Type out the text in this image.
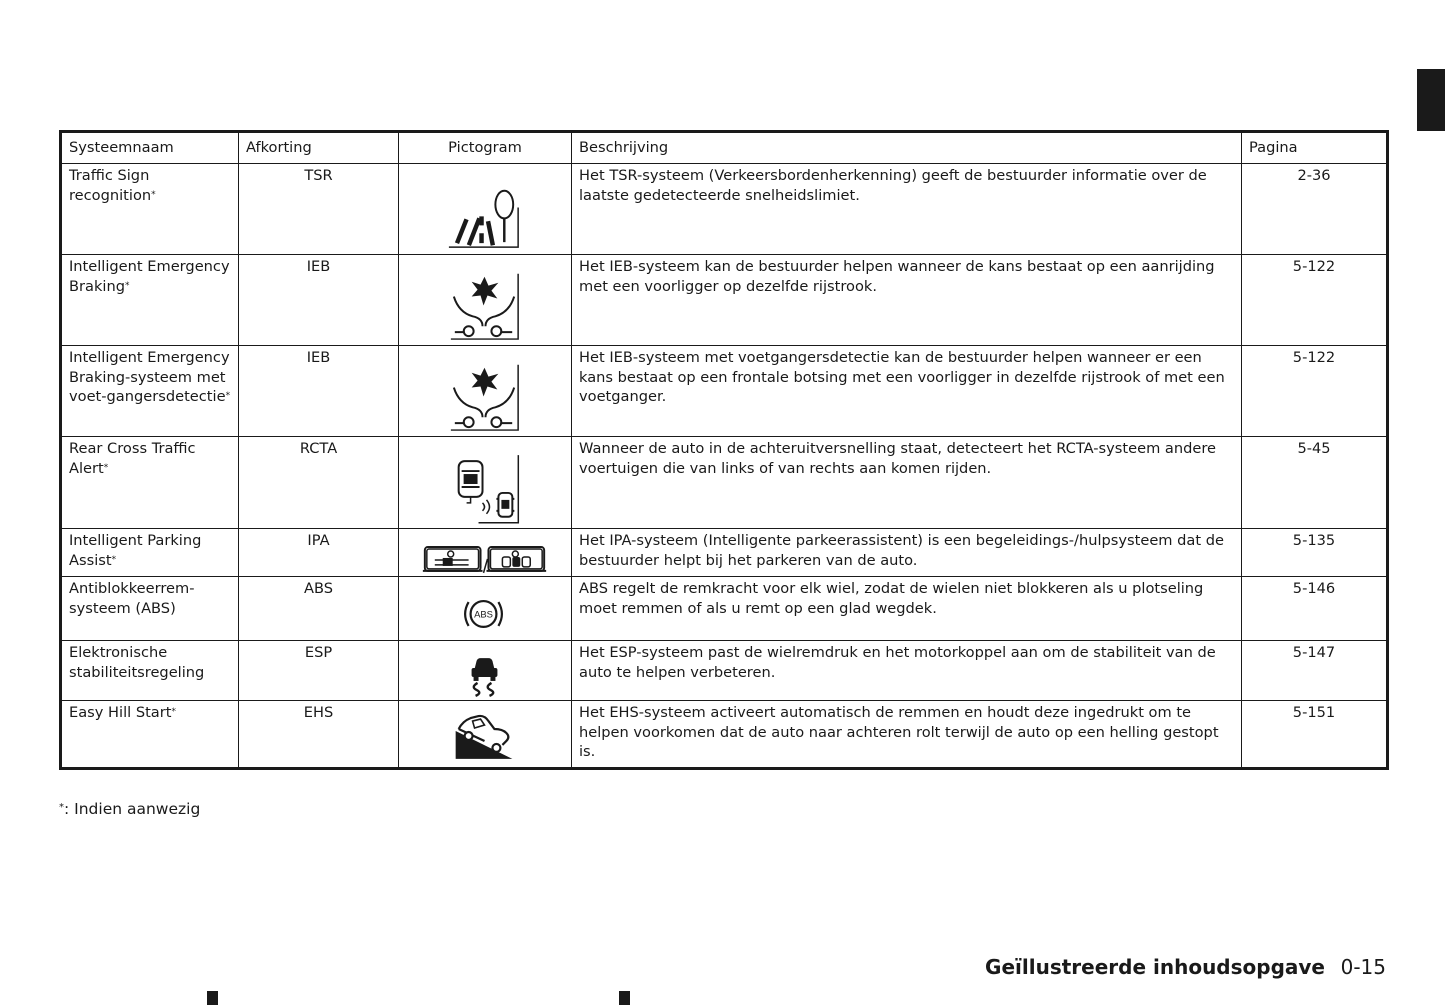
Systeemnaam	Afkorting	Pictogram	Beschrijving	Pagina
Traffic Sign recognition*	TSR		Het TSR-systeem (Verkeersbordenherkenning) geeft de bestuurder informatie over de laatste gedetecteerde snelheidslimiet.	2-36
Intelligent Emergency Braking*	IEB		Het IEB-systeem kan de bestuurder helpen wanneer de kans bestaat op een aanrijding met een voorligger op dezelfde rijstrook.	5-122
Intelligent Emergency Braking-systeem met voet-gangersdetectie*	IEB		Het IEB-systeem met voetgangersdetectie kan de bestuurder helpen wanneer er een kans bestaat op een frontale botsing met een voorligger in dezelfde rijstrook of met een voetganger.	5-122
Rear Cross Traffic Alert*	RCTA		Wanneer de auto in de achteruitversnelling staat, detecteert het RCTA-systeem andere voertuigen die van links of van rechts aan komen rijden.	5-45
Intelligent Parking Assist*	IPA		Het IPA-systeem (Intelligente parkeerassistent) is een begeleidings-/hulpsysteem dat de bestuurder helpt bij het parkeren van de auto.	5-135
Antiblokkeerrem-systeem (ABS)	ABS	ABS	ABS regelt de remkracht voor elk wiel, zodat de wielen niet blokkeren als u plotseling moet remmen of als u remt op een glad wegdek.	5-146
Elektronische stabiliteitsregeling	ESP		Het ESP-systeem past de wielremdruk en het motorkoppel aan om de stabiliteit van de auto te helpen verbeteren.	5-147
Easy Hill Start*	EHS		Het EHS-systeem activeert automatisch de remmen en houdt deze ingedrukt om te helpen voorkomen dat de auto naar achteren rolt terwijl de auto op een helling gestopt is.	5-151
*: Indien aanwezig
Geïllustreerde inhoudsopgave 0-15
